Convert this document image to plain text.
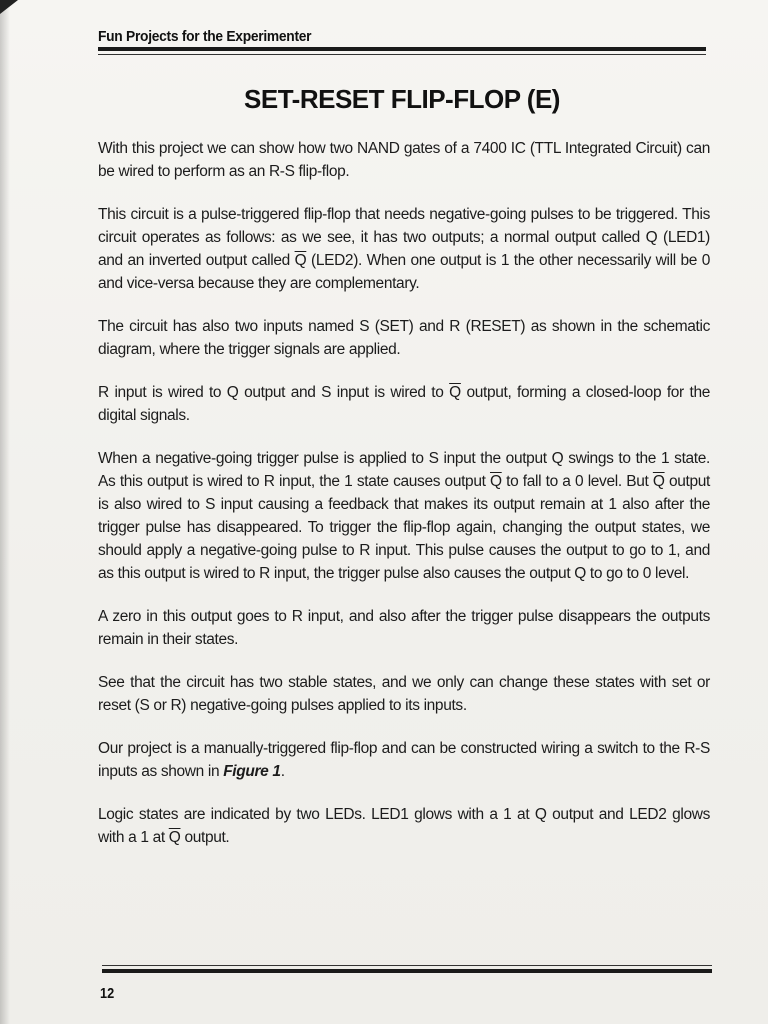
Fun Projects for the Experimenter
SET-RESET FLIP-FLOP (E)

With this project we can show how two NAND gates of a 7400 IC (TTL Integrated Circuit) can be wired to perform as an R-S flip-flop.

This circuit is a pulse-triggered flip-flop that needs negative-going pulses to be triggered. This circuit operates as follows: as we see, it has two outputs; a normal output called Q (LED1) and an inverted output called $\overline{Q}$ (LED2). When one output is 1 the other necessarily will be 0 and vice-versa because they are complementary.

The circuit has also two inputs named S (SET) and R (RESET) as shown in the schematic diagram, where the trigger signals are applied.

R input is wired to Q output and S input is wired to $\overline{Q}$ output, forming a closed-loop for the digital signals.

When a negative-going trigger pulse is applied to S input the output Q swings to the 1 state. As this output is wired to R input, the 1 state causes output $\overline{Q}$ to fall to a 0 level. But $\overline{Q}$ output is also wired to S input causing a feedback that makes its output remain at 1 also after the trigger pulse has disappeared. To trigger the flip-flop again, changing the output states, we should apply a negative-going pulse to R input. This pulse causes the output to go to 1, and as this output is wired to R input, the trigger pulse also causes the output Q to go to 0 level.

A zero in this output goes to R input, and also after the trigger pulse disappears the outputs remain in their states.

See that the circuit has two stable states, and we only can change these states with set or reset (S or R) negative-going pulses applied to its inputs.

Our project is a manually-triggered flip-flop and can be constructed wiring a switch to the R-S inputs as shown in Figure 1.

Logic states are indicated by two LEDs. LED1 glows with a 1 at Q output and LED2 glows with a 1 at $\overline{Q}$ output.

12
